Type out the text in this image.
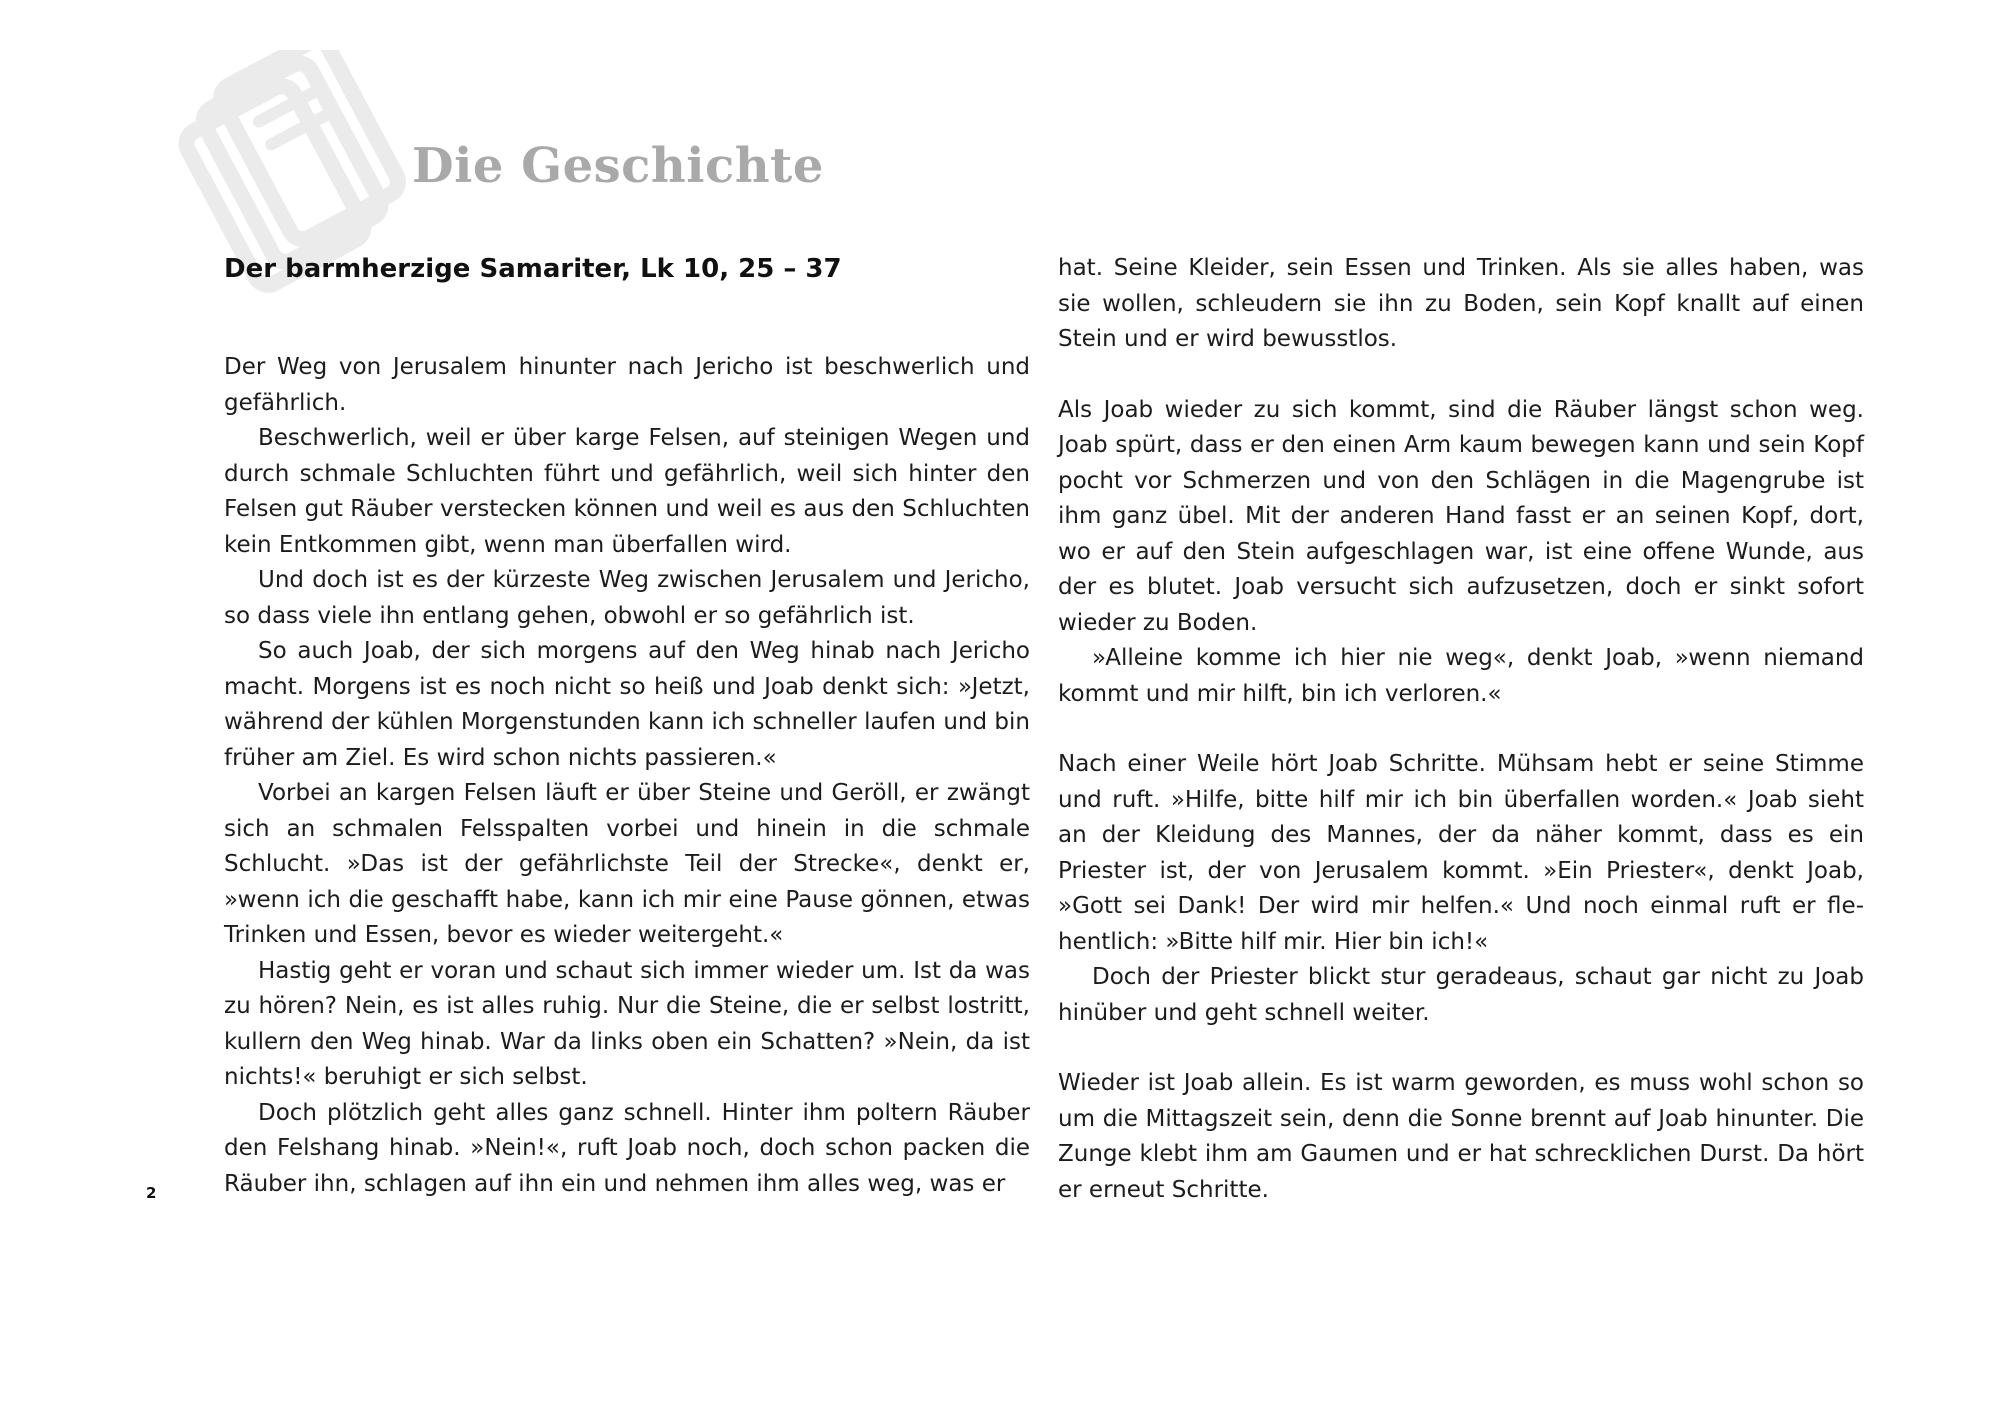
Die Geschichte
Der barmherzige Samariter, Lk 10, 25 – 37

Der Weg von Jerusalem hinunter nach Jericho ist beschwerlich und gefährlich.

Beschwerlich, weil er über karge Felsen, auf steinigen Wegen und durch schmale Schluchten führt und gefährlich, weil sich hinter den Felsen gut Räuber verstecken können und weil es aus den Schluchten kein Entkommen gibt, wenn man überfallen wird.

Und doch ist es der kürzeste Weg zwischen Jerusalem und Jericho, so dass viele ihn entlang gehen, obwohl er so gefährlich ist.

So auch Joab, der sich morgens auf den Weg hinab nach Jericho macht. Morgens ist es noch nicht so heiß und Joab denkt sich: »Jetzt, während der kühlen Morgenstunden kann ich schneller laufen und bin früher am Ziel. Es wird schon nichts passieren.«

Vorbei an kargen Felsen läuft er über Steine und Geröll, er zwängt sich an schmalen Felsspalten vorbei und hinein in die schmale Schlucht. »Das ist der gefährlichste Teil der Strecke«, denkt er, »wenn ich die geschafft habe, kann ich mir eine Pause gönnen, etwas Trinken und Essen, bevor es wieder weitergeht.«

Hastig geht er voran und schaut sich immer wieder um. Ist da was zu hören? Nein, es ist alles ruhig. Nur die Steine, die er selbst lostritt, kullern den Weg hinab. War da links oben ein Schatten? »Nein, da ist nichts!« beruhigt er sich selbst.

Doch plötzlich geht alles ganz schnell. Hinter ihm poltern Räuber den Felshang hinab. »Nein!«, ruft Joab noch, doch schon packen die Räuber ihn, schlagen auf ihn ein und nehmen ihm alles weg, was er

hat. Seine Kleider, sein Essen und Trinken. Als sie alles haben, was sie wollen, schleudern sie ihn zu Boden, sein Kopf knallt auf einen Stein und er wird bewusstlos.

Als Joab wieder zu sich kommt, sind die Räuber längst schon weg. Joab spürt, dass er den einen Arm kaum bewegen kann und sein Kopf pocht vor Schmerzen und von den Schlägen in die Magengrube ist ihm ganz übel. Mit der anderen Hand fasst er an seinen Kopf, dort, wo er auf den Stein aufgeschlagen war, ist eine offene Wunde, aus der es blutet. Joab versucht sich aufzusetzen, doch er sinkt sofort wieder zu Boden.

»Alleine komme ich hier nie weg«, denkt Joab, »wenn niemand kommt und mir hilft, bin ich verloren.«

Nach einer Weile hört Joab Schritte. Mühsam hebt er seine Stimme und ruft. »Hilfe, bitte hilf mir ich bin überfallen worden.« Joab sieht an der Kleidung des Mannes, der da näher kommt, dass es ein Priester ist, der von Jerusalem kommt. »Ein Priester«, denkt Joab, »Gott sei Dank! Der wird mir helfen.« Und noch einmal ruft er flehentlich: »Bitte hilf mir. Hier bin ich!«

Doch der Priester blickt stur geradeaus, schaut gar nicht zu Joab hinüber und geht schnell weiter.

Wieder ist Joab allein. Es ist warm geworden, es muss wohl schon so um die Mittagszeit sein, denn die Sonne brennt auf Joab hinunter. Die Zunge klebt ihm am Gaumen und er hat schrecklichen Durst. Da hört er erneut Schritte.

2
